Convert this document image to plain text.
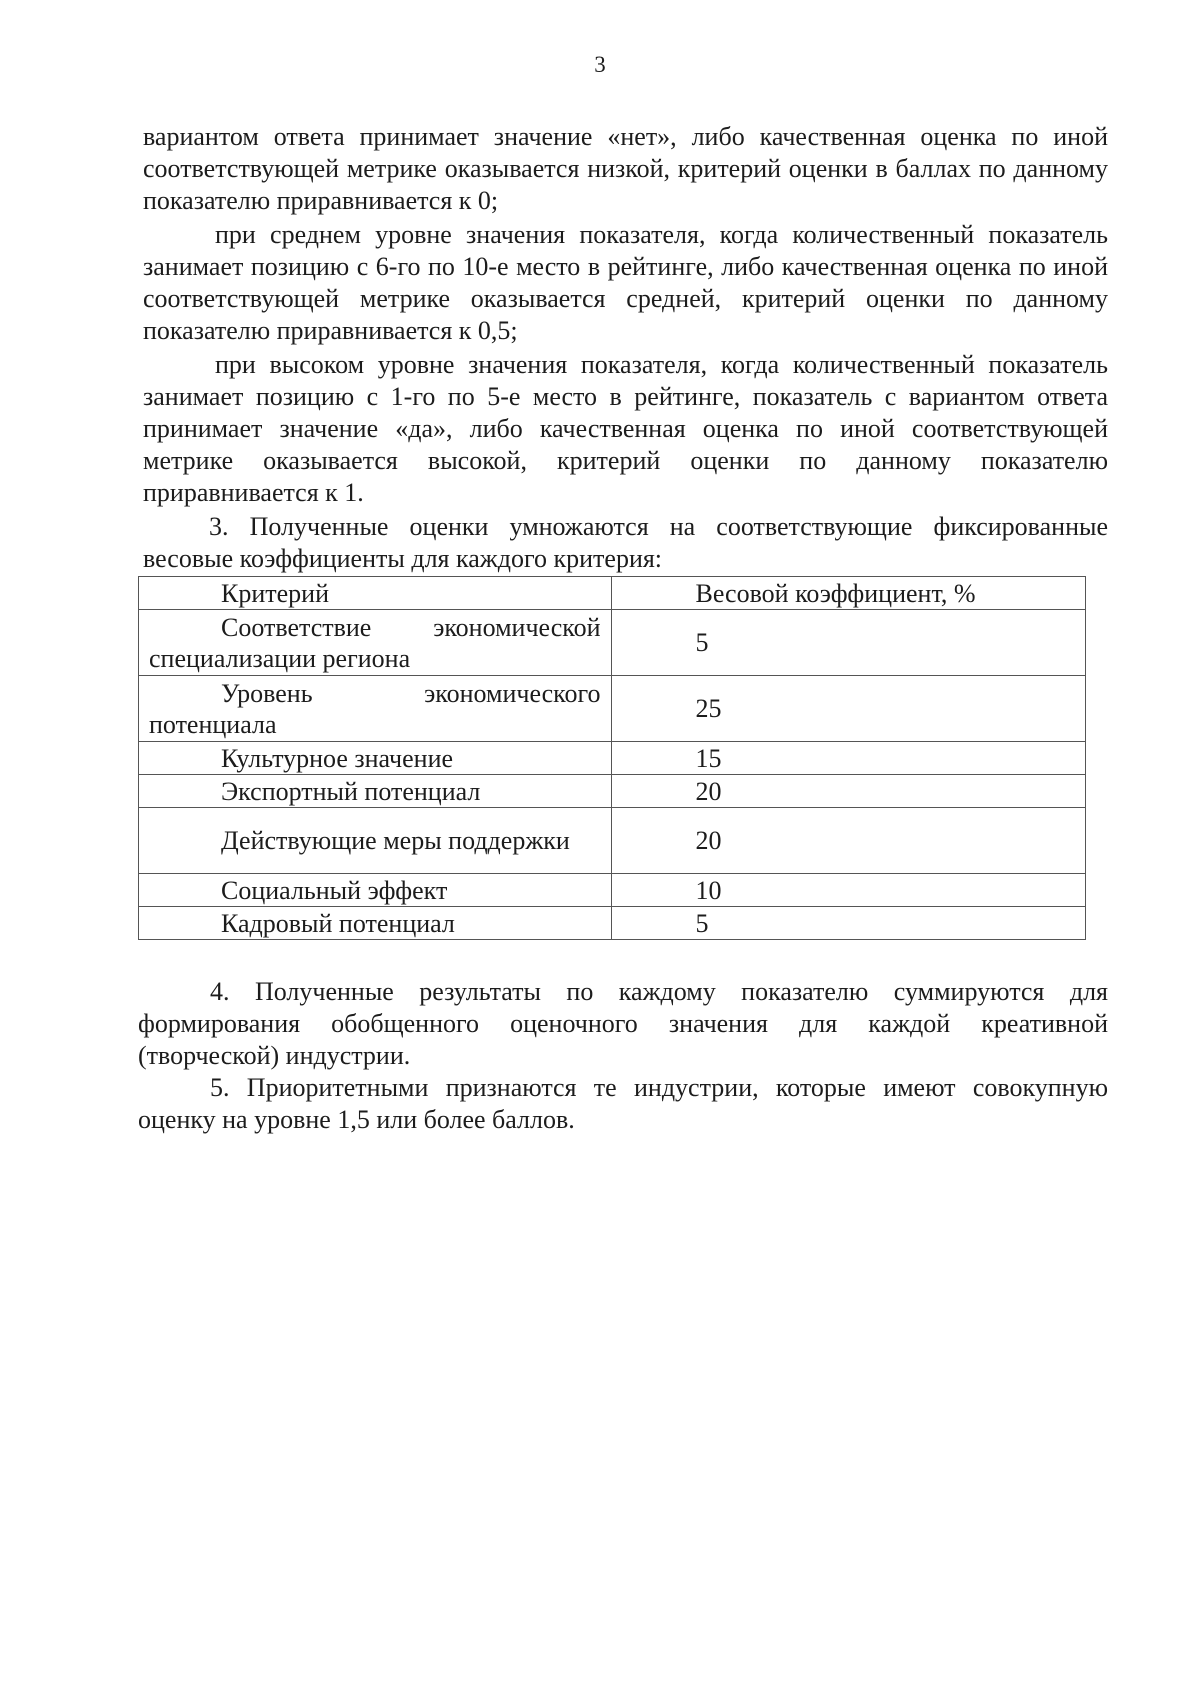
3

вариантом ответа принимает значение «нет», либо качественная оценка по иной соответствующей метрике оказывается низкой, критерий оценки в баллах по данному показателю приравнивается к 0;

при среднем уровне значения показателя, когда количественный показатель занимает позицию с 6-го по 10-е место в рейтинге, либо качественная оценка по иной соответствующей метрике оказывается средней, критерий оценки по данному показателю приравнивается к 0,5;

при высоком уровне значения показателя, когда количественный показатель занимает позицию с 1-го по 5-е место в рейтинге, показатель с вариантом ответа принимает значение «да», либо качественная оценка по иной соответствующей метрике оказывается высокой, критерий оценки по данному показателю приравнивается к 1.

3. Полученные оценки умножаются на соответствующие фиксированные весовые коэффициенты для каждого критерия:

Критерий	Весовой коэффициент, %
Соответствие экономической специализации региона	5
Уровень экономического потенциала	25
Культурное значение	15
Экспортный потенциал	20
Действующие меры поддержки	20
Социальный эффект	10
Кадровый потенциал	5

4. Полученные результаты по каждому показателю суммируются для формирования обобщенного оценочного значения для каждой креативной (творческой) индустрии.

5. Приоритетными признаются те индустрии, которые имеют совокупную оценку на уровне 1,5 или более баллов.
